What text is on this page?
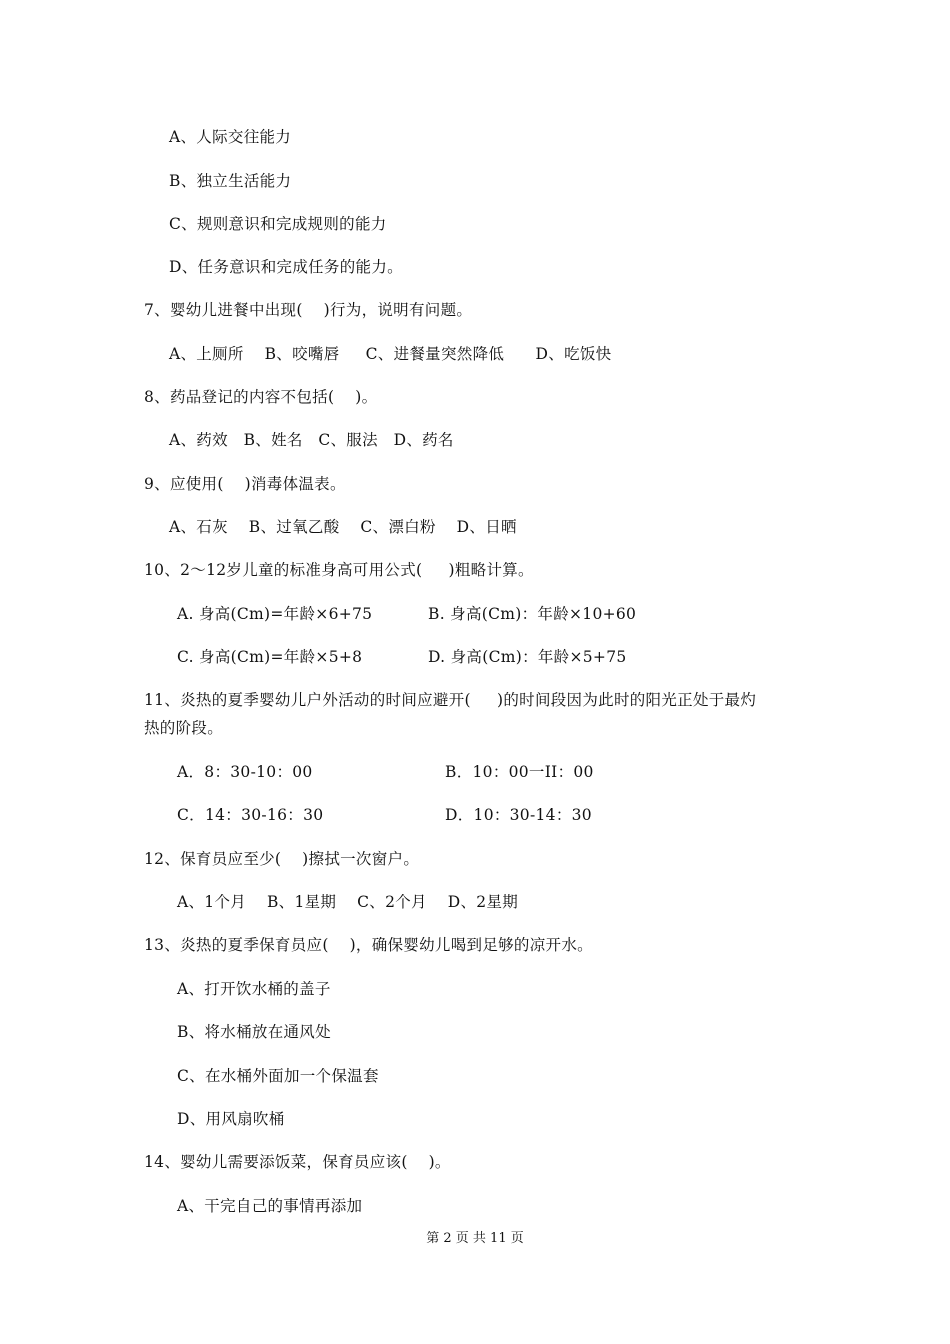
A、人际交往能力
B、独立生活能力
C、规则意识和完成规则的能力
D、任务意识和完成任务的能力。
7、婴幼儿进餐中出现(    )行为，说明有问题。
A、上厕所    B、咬嘴唇     C、进餐量突然降低      D、吃饭快
8、药品登记的内容不包括(    )。
A、药效   B、姓名   C、服法   D、药名
9、应使用(    )消毒体温表。
A、石灰    B、过氧乙酸    C、漂白粉    D、日晒
10、2～12岁儿童的标准身高可用公式(     )粗略计算。
A. 身高(Cm)=年龄×6+75	B. 身高(Cm)：年龄×10+60
C. 身高(Cm)=年龄×5+8	D. 身高(Cm)：年龄×5+75
11、炎热的夏季婴幼儿户外活动的时间应避开(     )的时间段因为此时的阳光正处于最灼
热的阶段。
A．8：30-10：00	B．10：00一II：00
C．14：30-16：30	D．10：30-14：30
12、保育员应至少(    )擦拭一次窗户。
A、1个月    B、1星期    C、2个月    D、2星期
13、炎热的夏季保育员应(    )，确保婴幼儿喝到足够的凉开水。
A、打开饮水桶的盖子
B、将水桶放在通风处
C、在水桶外面加一个保温套
D、用风扇吹桶
14、婴幼儿需要添饭菜，保育员应该(    )。
A、干完自己的事情再添加
第 2 页 共 11 页
